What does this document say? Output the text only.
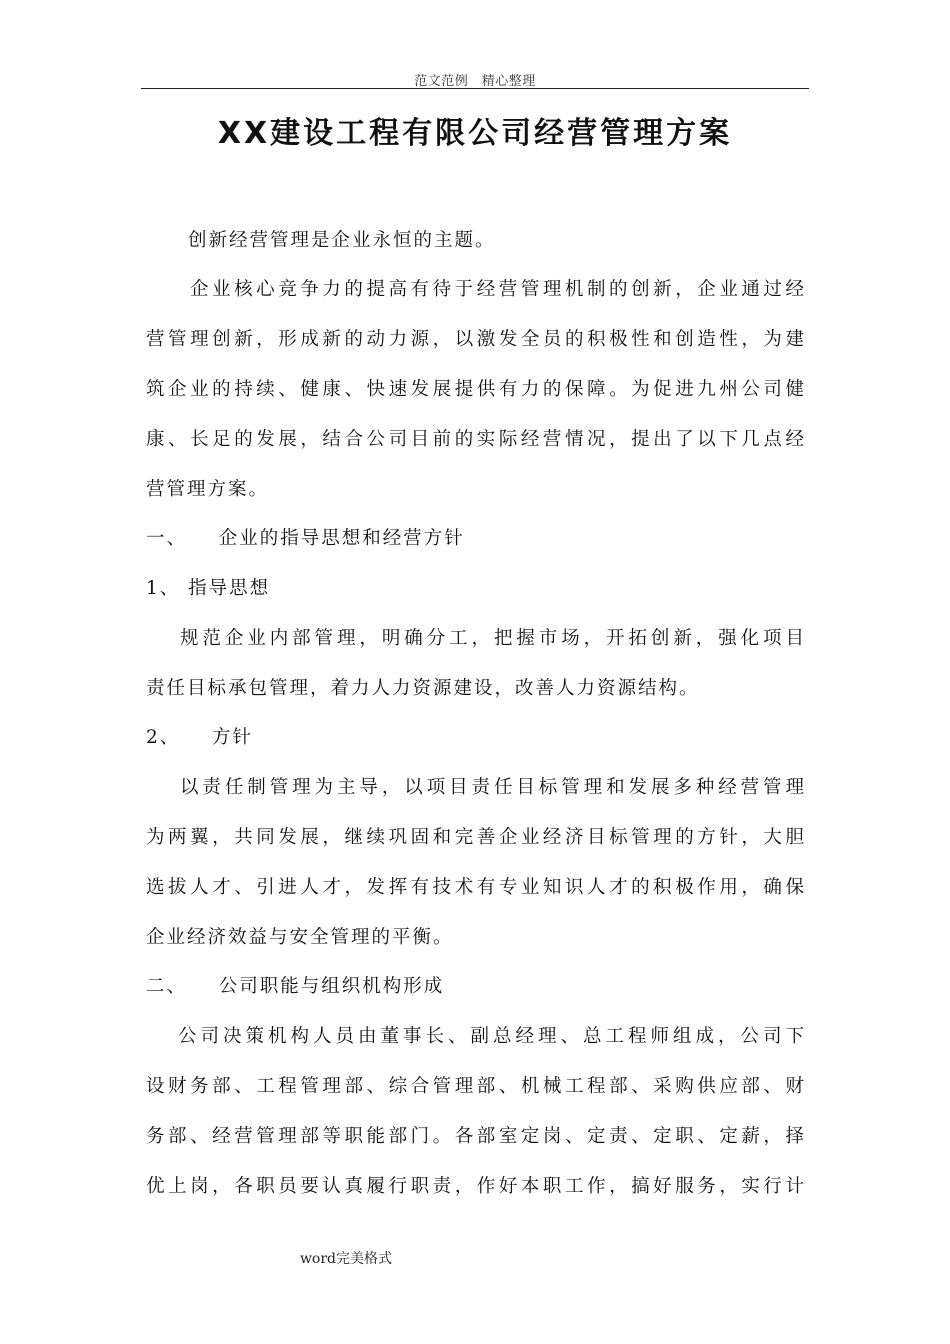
范文范例　精心整理
XX建设工程有限公司经营管理方案
创新经营管理是企业永恒的主题。
企业核心竞争力的提高有待于经营管理机制的创新，企业通过经
营管理创新，形成新的动力源，以激发全员的积极性和创造性，为建
筑企业的持续、健康、快速发展提供有力的保障。为促进九州公司健
康、长足的发展，结合公司目前的实际经营情况，提出了以下几点经
营管理方案。
一、　　企业的指导思想和经营方针
1、 指导思想
规范企业内部管理，明确分工，把握市场，开拓创新，强化项目
责任目标承包管理，着力人力资源建设，改善人力资源结构。
2、　　方针
以责任制管理为主导，以项目责任目标管理和发展多种经营管理
为两翼，共同发展，继续巩固和完善企业经济目标管理的方针，大胆
选拔人才、引进人才，发挥有技术有专业知识人才的积极作用，确保
企业经济效益与安全管理的平衡。
二、　　公司职能与组织机构形成
公司决策机构人员由董事长、副总经理、总工程师组成，公司下
设财务部、工程管理部、综合管理部、机械工程部、采购供应部、财
务部、经营管理部等职能部门。各部室定岗、定责、定职、定薪，择
优上岗，各职员要认真履行职责，作好本职工作，搞好服务，实行计
word完美格式
